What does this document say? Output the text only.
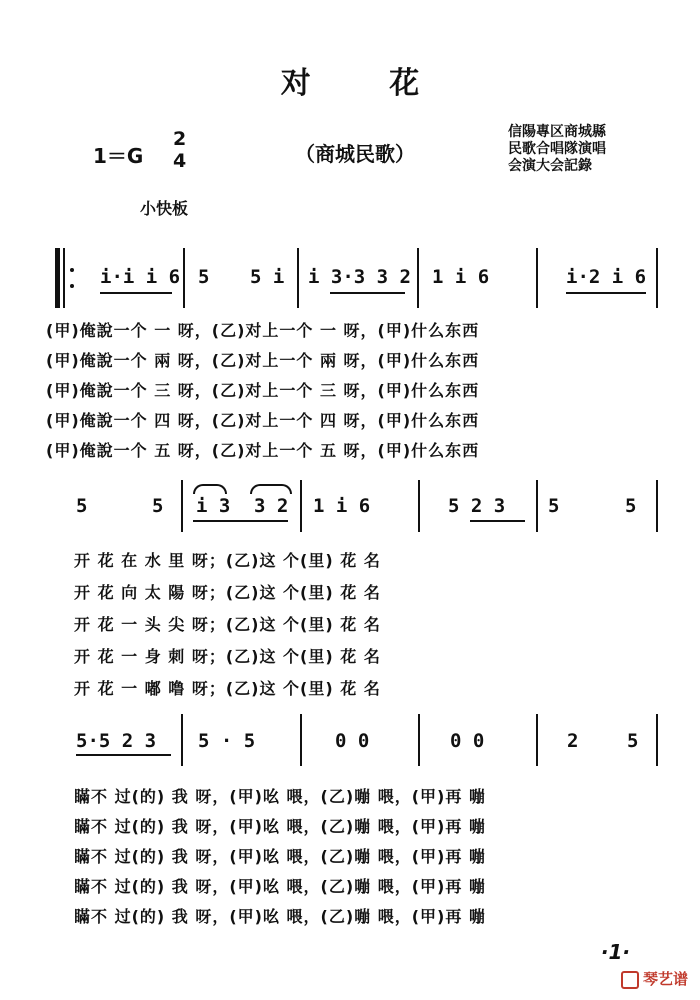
对 花
1＝G
2
4	（商城民歌）
信陽專区商城縣
民歌合唱隊演唱
会演大会記錄
小快板
i·i i 6 5 5 i i 3·3 3 2 1 i 6	i·2 i 6
(甲)俺說一个 一 呀，(乙)对上一个 一 呀，(甲)什么东西
(甲)俺說一个 兩 呀，(乙)对上一个 兩 呀，(甲)什么东西
(甲)俺說一个 三 呀，(乙)对上一个 三 呀，(甲)什么东西
(甲)俺說一个 四 呀，(乙)对上一个 四 呀，(甲)什么东西
(甲)俺說一个 五 呀，(乙)对上一个 五 呀，(甲)什么东西
5	5 i 3 3 2 1 i 6	5 2 3 5	5
开 花 在 水 里 呀；(乙)这 个(里) 花 名
开 花 向 太 陽 呀；(乙)这 个(里) 花 名
开 花 一 头 尖 呀；(乙)这 个(里) 花 名
开 花 一 身 刺 呀；(乙)这 个(里) 花 名
开 花 一 嘟 噜 呀；(乙)这 个(里) 花 名
5·5 2 3 5 · 5	0 0	0 0	2	5
瞞不 过(的) 我 呀，(甲)吆 喂，(乙)嘣 喂，(甲)再 嘣
瞞不 过(的) 我 呀，(甲)吆 喂，(乙)嘣 喂，(甲)再 嘣
瞞不 过(的) 我 呀，(甲)吆 喂，(乙)嘣 喂，(甲)再 嘣
瞞不 过(的) 我 呀，(甲)吆 喂，(乙)嘣 喂，(甲)再 嘣
瞞不 过(的) 我 呀，(甲)吆 喂，(乙)嘣 喂，(甲)再 嘣
·1·
琴艺谱
